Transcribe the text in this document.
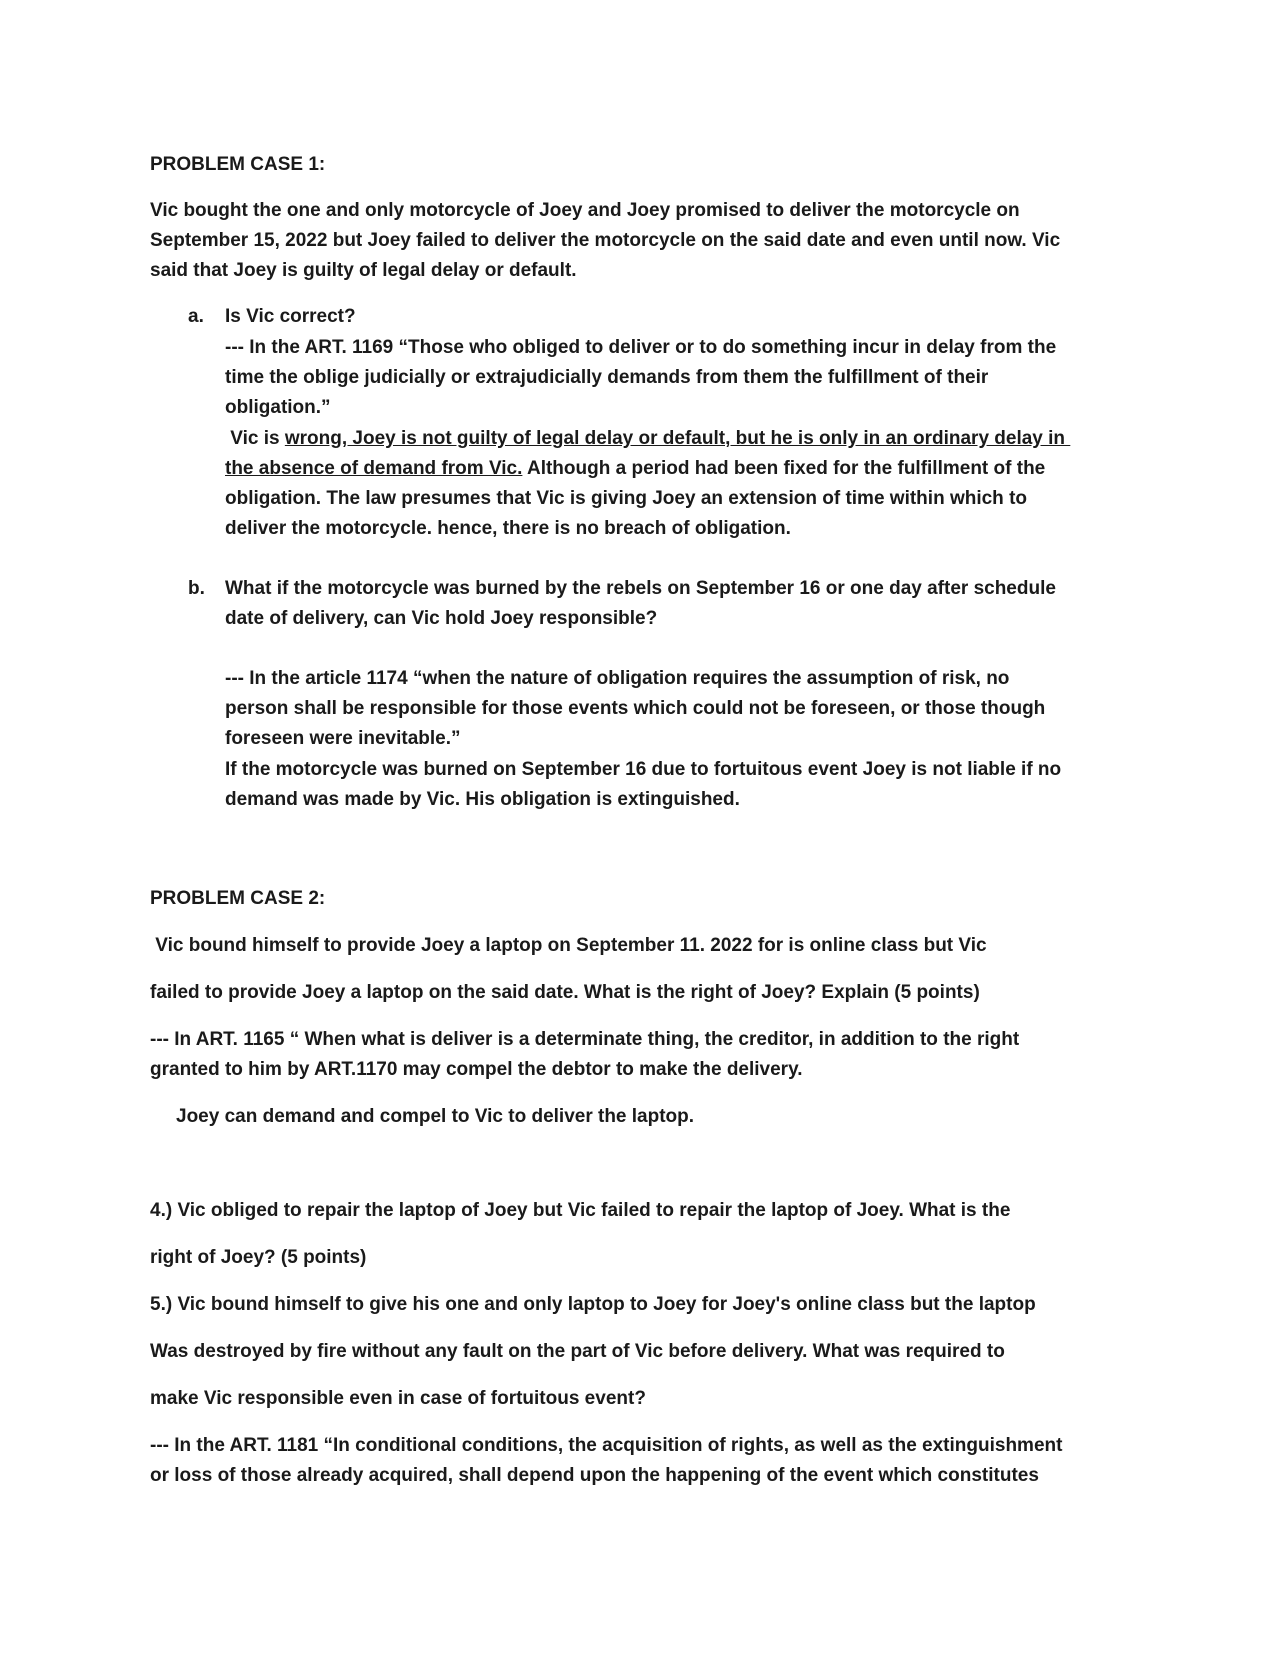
PROBLEM CASE 1:
Vic bought the one and only motorcycle of Joey and Joey promised to deliver the motorcycle on
September 15, 2022 but Joey failed to deliver the motorcycle on the said date and even until now. Vic
said that Joey is guilty of legal delay or default.
a. Is Vic correct?
--- In the ART. 1169 “Those who obliged to deliver or to do something incur in delay from the
time the oblige judicially or extrajudicially demands from them the fulfillment of their
obligation.”
Vic is wrong, Joey is not guilty of legal delay or default, but he is only in an ordinary delay in
the absence of demand from Vic. Although a period had been fixed for the fulfillment of the
obligation. The law presumes that Vic is giving Joey an extension of time within which to
deliver the motorcycle. hence, there is no breach of obligation.
b. What if the motorcycle was burned by the rebels on September 16 or one day after schedule
date of delivery, can Vic hold Joey responsible?
--- In the article 1174 “when the nature of obligation requires the assumption of risk, no
person shall be responsible for those events which could not be foreseen, or those though
foreseen were inevitable.”
If the motorcycle was burned on September 16 due to fortuitous event Joey is not liable if no
demand was made by Vic. His obligation is extinguished.
PROBLEM CASE 2:
Vic bound himself to provide Joey a laptop on September 11. 2022 for is online class but Vic
failed to provide Joey a laptop on the said date. What is the right of Joey? Explain (5 points)
--- In ART. 1165 “ When what is deliver is a determinate thing, the creditor, in addition to the right
granted to him by ART.1170 may compel the debtor to make the delivery.
Joey can demand and compel to Vic to deliver the laptop.
4.) Vic obliged to repair the laptop of Joey but Vic failed to repair the laptop of Joey. What is the
right of Joey? (5 points)
5.) Vic bound himself to give his one and only laptop to Joey for Joey's online class but the laptop
Was destroyed by fire without any fault on the part of Vic before delivery. What was required to
make Vic responsible even in case of fortuitous event?
--- In the ART. 1181 “In conditional conditions, the acquisition of rights, as well as the extinguishment
or loss of those already acquired, shall depend upon the happening of the event which constitutes
